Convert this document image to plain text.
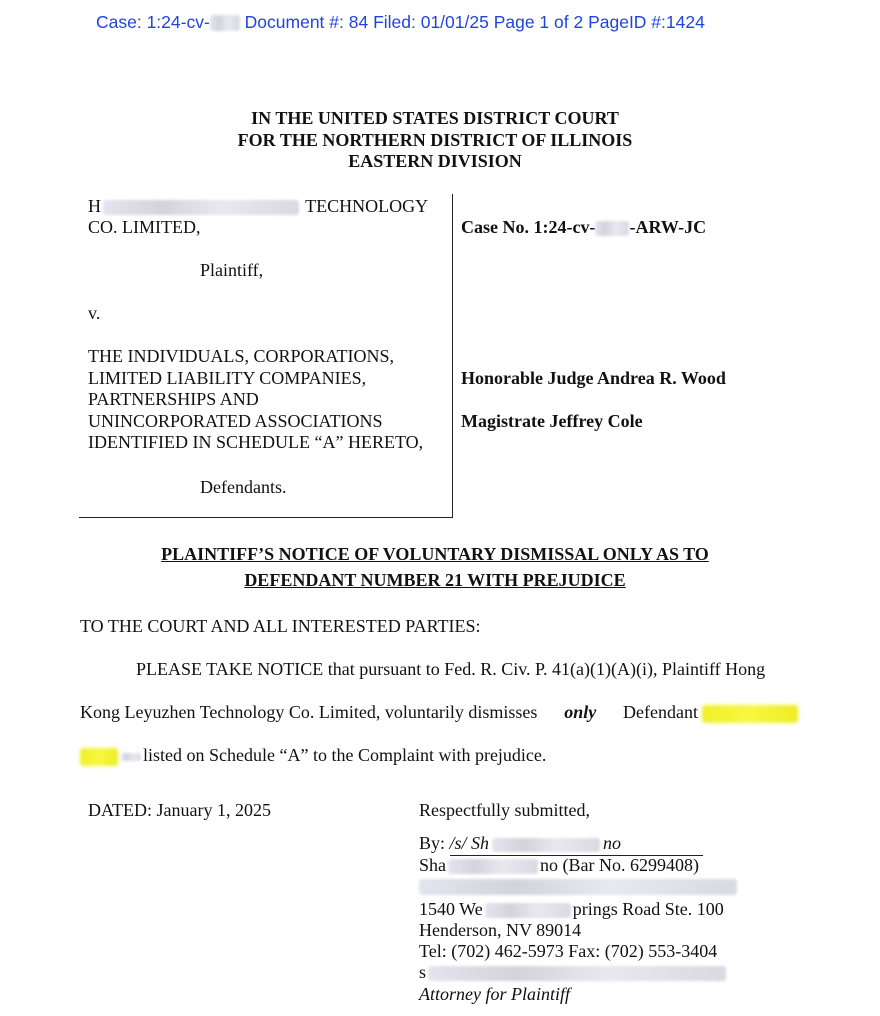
Case: 1:24-cv- Document #: 84 Filed: 01/01/25 Page 1 of 2 PageID #:1424
IN THE UNITED STATES DISTRICT COURT
FOR THE NORTHERN DISTRICT OF ILLINOIS
EASTERN DIVISION
H	TECHNOLOGY
CO. LIMITED,
Plaintiff,
v.
THE INDIVIDUALS, CORPORATIONS,
LIMITED LIABILITY COMPANIES,
PARTNERSHIPS AND
UNINCORPORATED ASSOCIATIONS
IDENTIFIED IN SCHEDULE “A” HERETO,
Defendants.
Case No. 1:24-cv- -ARW-JC
Honorable Judge Andrea R. Wood
Magistrate Jeffrey Cole
PLAINTIFF’S NOTICE OF VOLUNTARY DISMISSAL ONLY AS TO
DEFENDANT NUMBER 21 WITH PREJUDICE
TO THE COURT AND ALL INTERESTED PARTIES:
PLEASE TAKE NOTICE that pursuant to Fed. R. Civ. P. 41(a)(1)(A)(i), Plaintiff Hong
Kong Leyuzhen Technology Co. Limited, voluntarily dismisses only Defendant
listed on Schedule “A” to the Complaint with prejudice.
DATED: January 1, 2025	Respectfully submitted,
By: /s/ Sh	no
Sha	no (Bar No. 6299408)
1540 We	prings Road Ste. 100
Henderson, NV 89014
Tel: (702) 462-5973 Fax: (702) 553-3404
s
Attorney for Plaintiff
